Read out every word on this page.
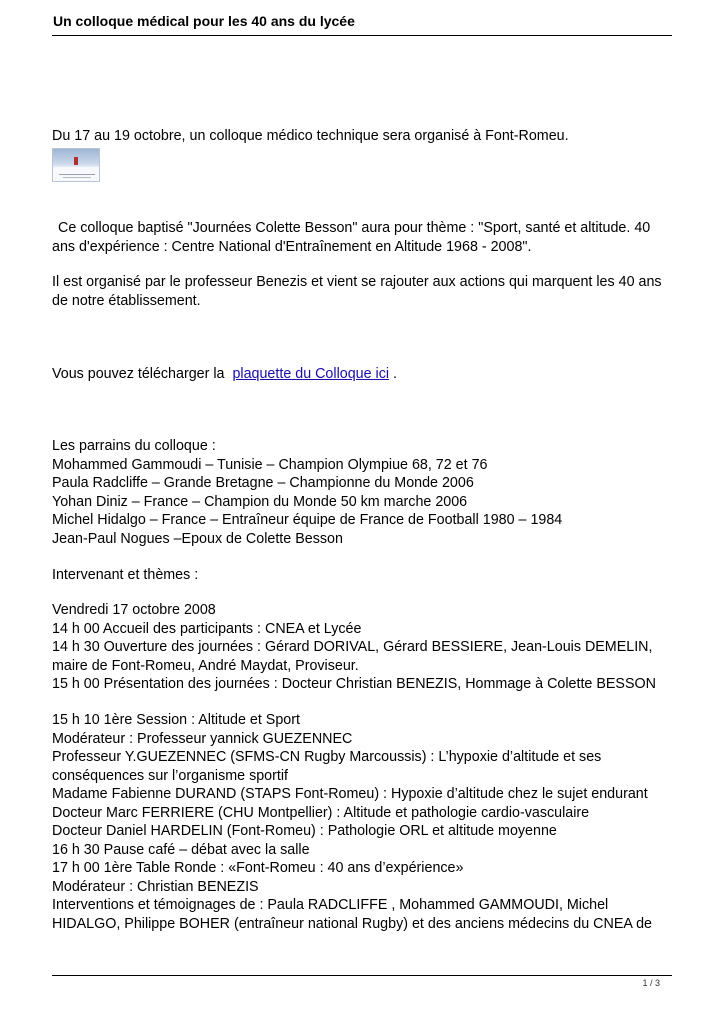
Un colloque médical pour les 40 ans du lycée
Du 17 au 19 octobre, un colloque médico technique sera organisé à Font-Romeu.
Ce colloque baptisé "Journées Colette Besson" aura pour thème : "Sport, santé et altitude. 40 ans d'expérience : Centre National d'Entraînement en Altitude 1968 - 2008".
Il est organisé par le professeur Benezis et vient se rajouter aux actions qui marquent les 40 ans de notre établissement.
Vous pouvez télécharger la plaquette du Colloque ici .

Les parrains du colloque :

Mohammed Gammoudi – Tunisie – Champion Olympiue 68, 72 et 76

Paula Radcliffe – Grande Bretagne – Championne du Monde 2006

Yohan Diniz – France – Champion du Monde 50 km marche 2006

Michel Hidalgo – France – Entraîneur équipe de France de Football 1980 – 1984

Jean-Paul Nogues –Epoux de Colette Besson

Intervenant et thèmes :

Vendredi 17 octobre 2008

14 h 00 Accueil des participants : CNEA et Lycée

14 h 30 Ouverture des journées : Gérard DORIVAL, Gérard BESSIERE, Jean-Louis DEMELIN, maire de Font-Romeu, André Maydat, Proviseur.

15 h 00 Présentation des journées : Docteur Christian BENEZIS, Hommage à Colette BESSON

15 h 10 1ère Session : Altitude et Sport

Modérateur : Professeur yannick GUEZENNEC

Professeur Y.GUEZENNEC (SFMS-CN Rugby Marcoussis) : L’hypoxie d’altitude et ses conséquences sur l’organisme sportif

Madame Fabienne DURAND (STAPS Font-Romeu) : Hypoxie d’altitude chez le sujet endurant

Docteur Marc FERRIERE (CHU Montpellier) : Altitude et pathologie cardio-vasculaire

Docteur Daniel HARDELIN (Font-Romeu) : Pathologie ORL et altitude moyenne

16 h 30 Pause café – débat avec la salle

17 h 00 1ère Table Ronde : «Font-Romeu : 40 ans d’expérience»

Modérateur : Christian BENEZIS

Interventions et témoignages de : Paula RADCLIFFE , Mohammed GAMMOUDI, Michel HIDALGO, Philippe BOHER (entraîneur national Rugby) et des anciens médecins du CNEA de

1 / 3
